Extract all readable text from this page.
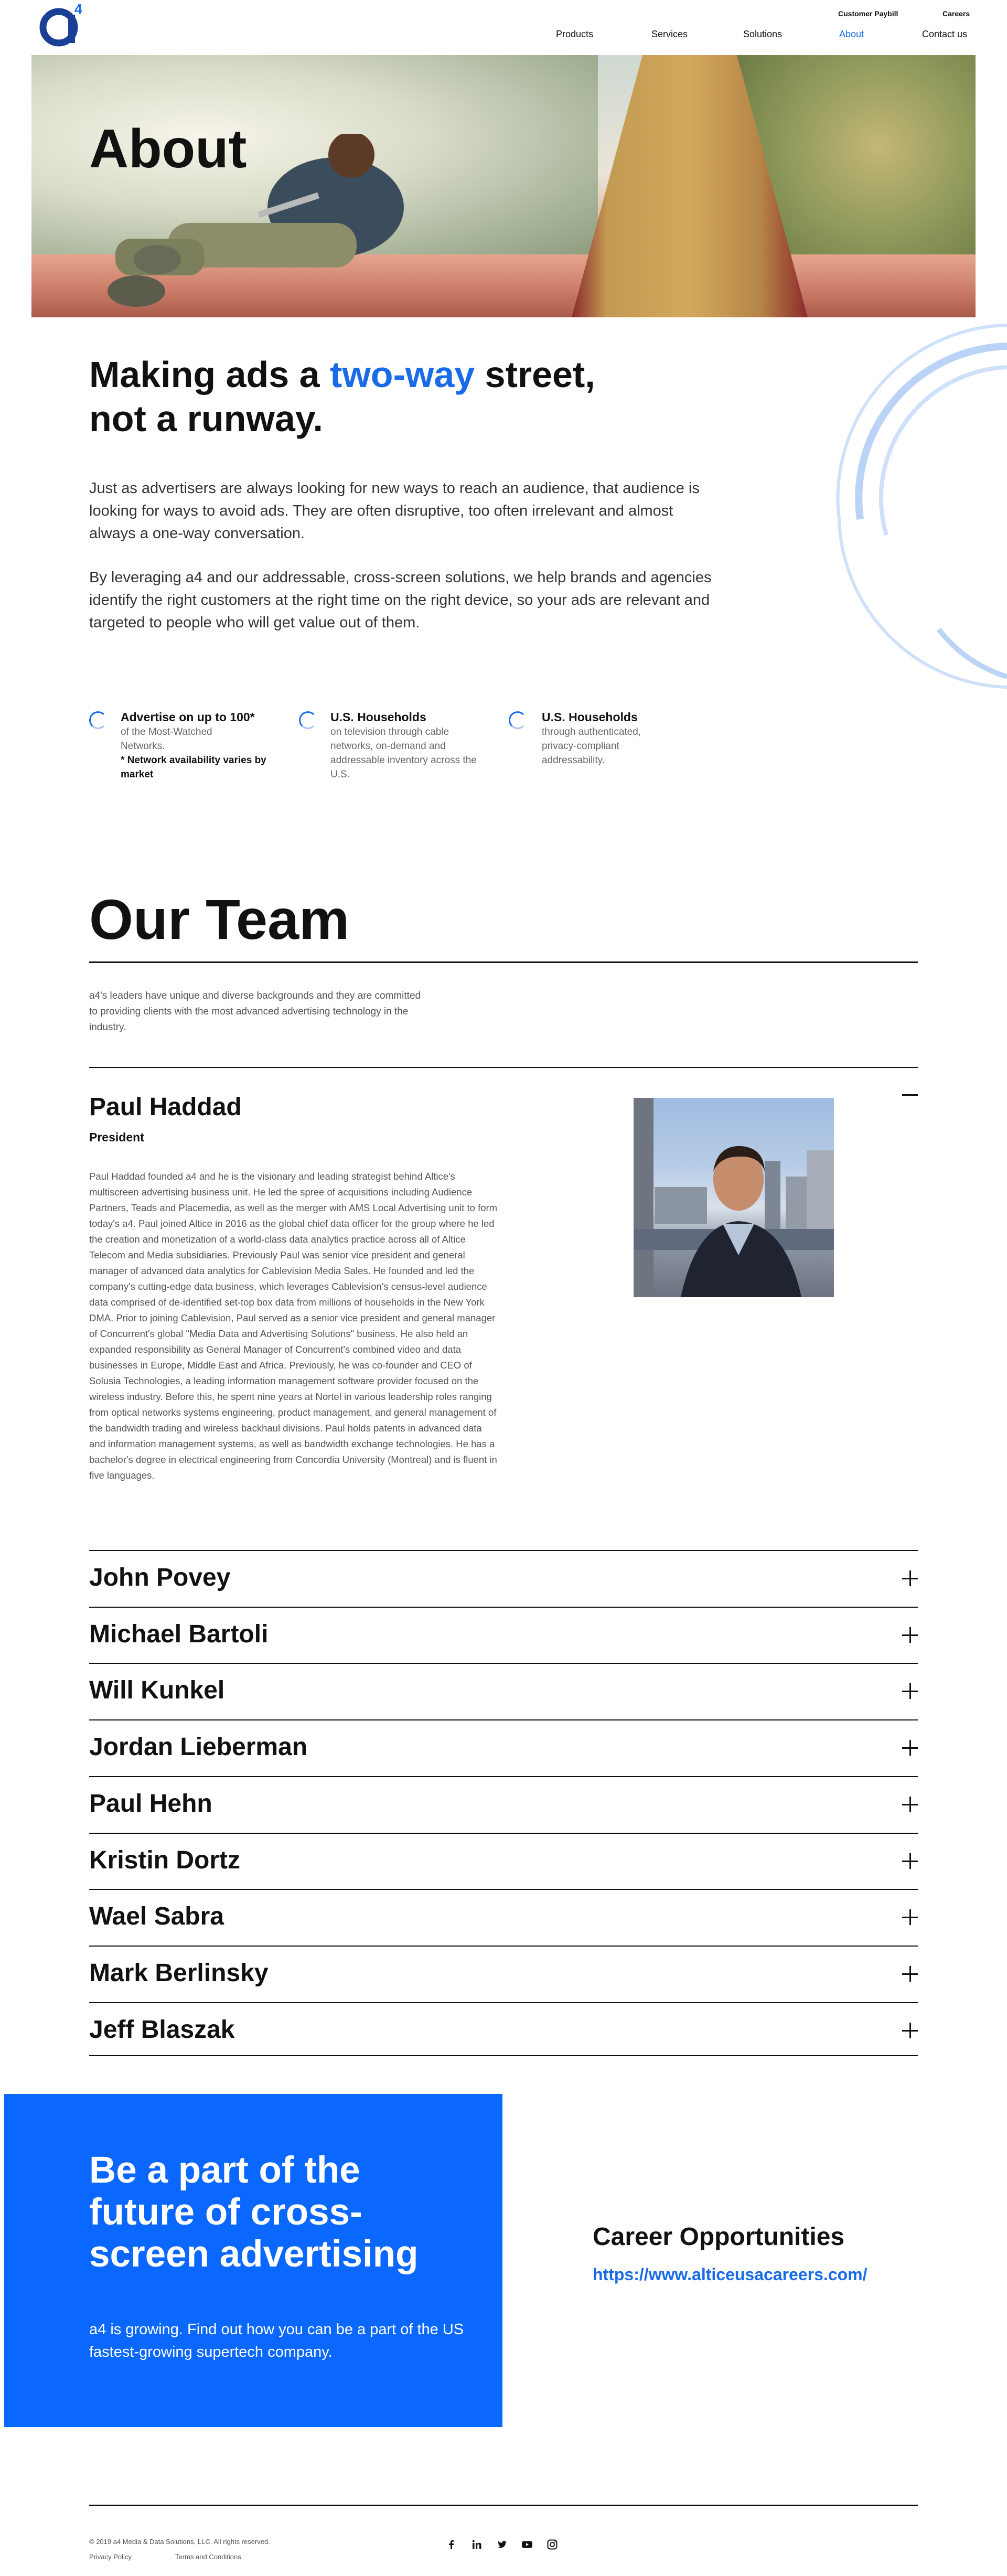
4	Customer Paybill	Careers
Products	Services	Solutions	About	Contact us
About
Making ads a two-way street,
not a runway.

Just as advertisers are always looking for new ways to reach an audience, that audience is looking for ways to avoid ads. They are often disruptive, too often irrelevant and almost always a one-way conversation.

By leveraging a4 and our addressable, cross-screen solutions, we help brands and agencies identify the right customers at the right time on the right device, so your ads are relevant and targeted to people who will get value out of them.

Advertise on up to 100*
of the Most-Watched Networks.
* Network availability varies by market
U.S. Households
on television through cable networks, on-demand and addressable inventory across the U.S.
U.S. Households
through authenticated, privacy-compliant addressability.
Our Team

a4's leaders have unique and diverse backgrounds and they are committed to providing clients with the most advanced advertising technology in the industry.

Paul Haddad
President

Paul Haddad founded a4 and he is the visionary and leading strategist behind Altice's multiscreen advertising business unit. He led the spree of acquisitions including Audience Partners, Teads and Placemedia, as well as the merger with AMS Local Advertising unit to form today's a4. Paul joined Altice in 2016 as the global chief data officer for the group where he led the creation and monetization of a world-class data analytics practice across all of Altice Telecom and Media subsidiaries. Previously Paul was senior vice president and general manager of advanced data analytics for Cablevision Media Sales. He founded and led the company's cutting-edge data business, which leverages Cablevision's census-level audience data comprised of de-identified set-top box data from millions of households in the New York DMA. Prior to joining Cablevision, Paul served as a senior vice president and general manager of Concurrent's global "Media Data and Advertising Solutions" business. He also held an expanded responsibility as General Manager of Concurrent's combined video and data businesses in Europe, Middle East and Africa. Previously, he was co-founder and CEO of Solusia Technologies, a leading information management software provider focused on the wireless industry. Before this, he spent nine years at Nortel in various leadership roles ranging from optical networks systems engineering, product management, and general management of the bandwidth trading and wireless backhaul divisions. Paul holds patents in advanced data and information management systems, as well as bandwidth exchange technologies. He has a bachelor's degree in electrical engineering from Concordia University (Montreal) and is fluent in five languages.

John Povey
Michael Bartoli
Will Kunkel
Jordan Lieberman
Paul Hehn
Kristin Dortz
Wael Sabra
Mark Berlinsky
Jeff Blaszak
Be a part of the future of cross-screen advertising

a4 is growing. Find out how you can be a part of the US fastest-growing supertech company.

Career Opportunities
https://www.alticeusacareers.com/
© 2019 a4 Media & Data Solutions, LLC. All rights reserved.
Privacy Policy	Terms and Conditions
